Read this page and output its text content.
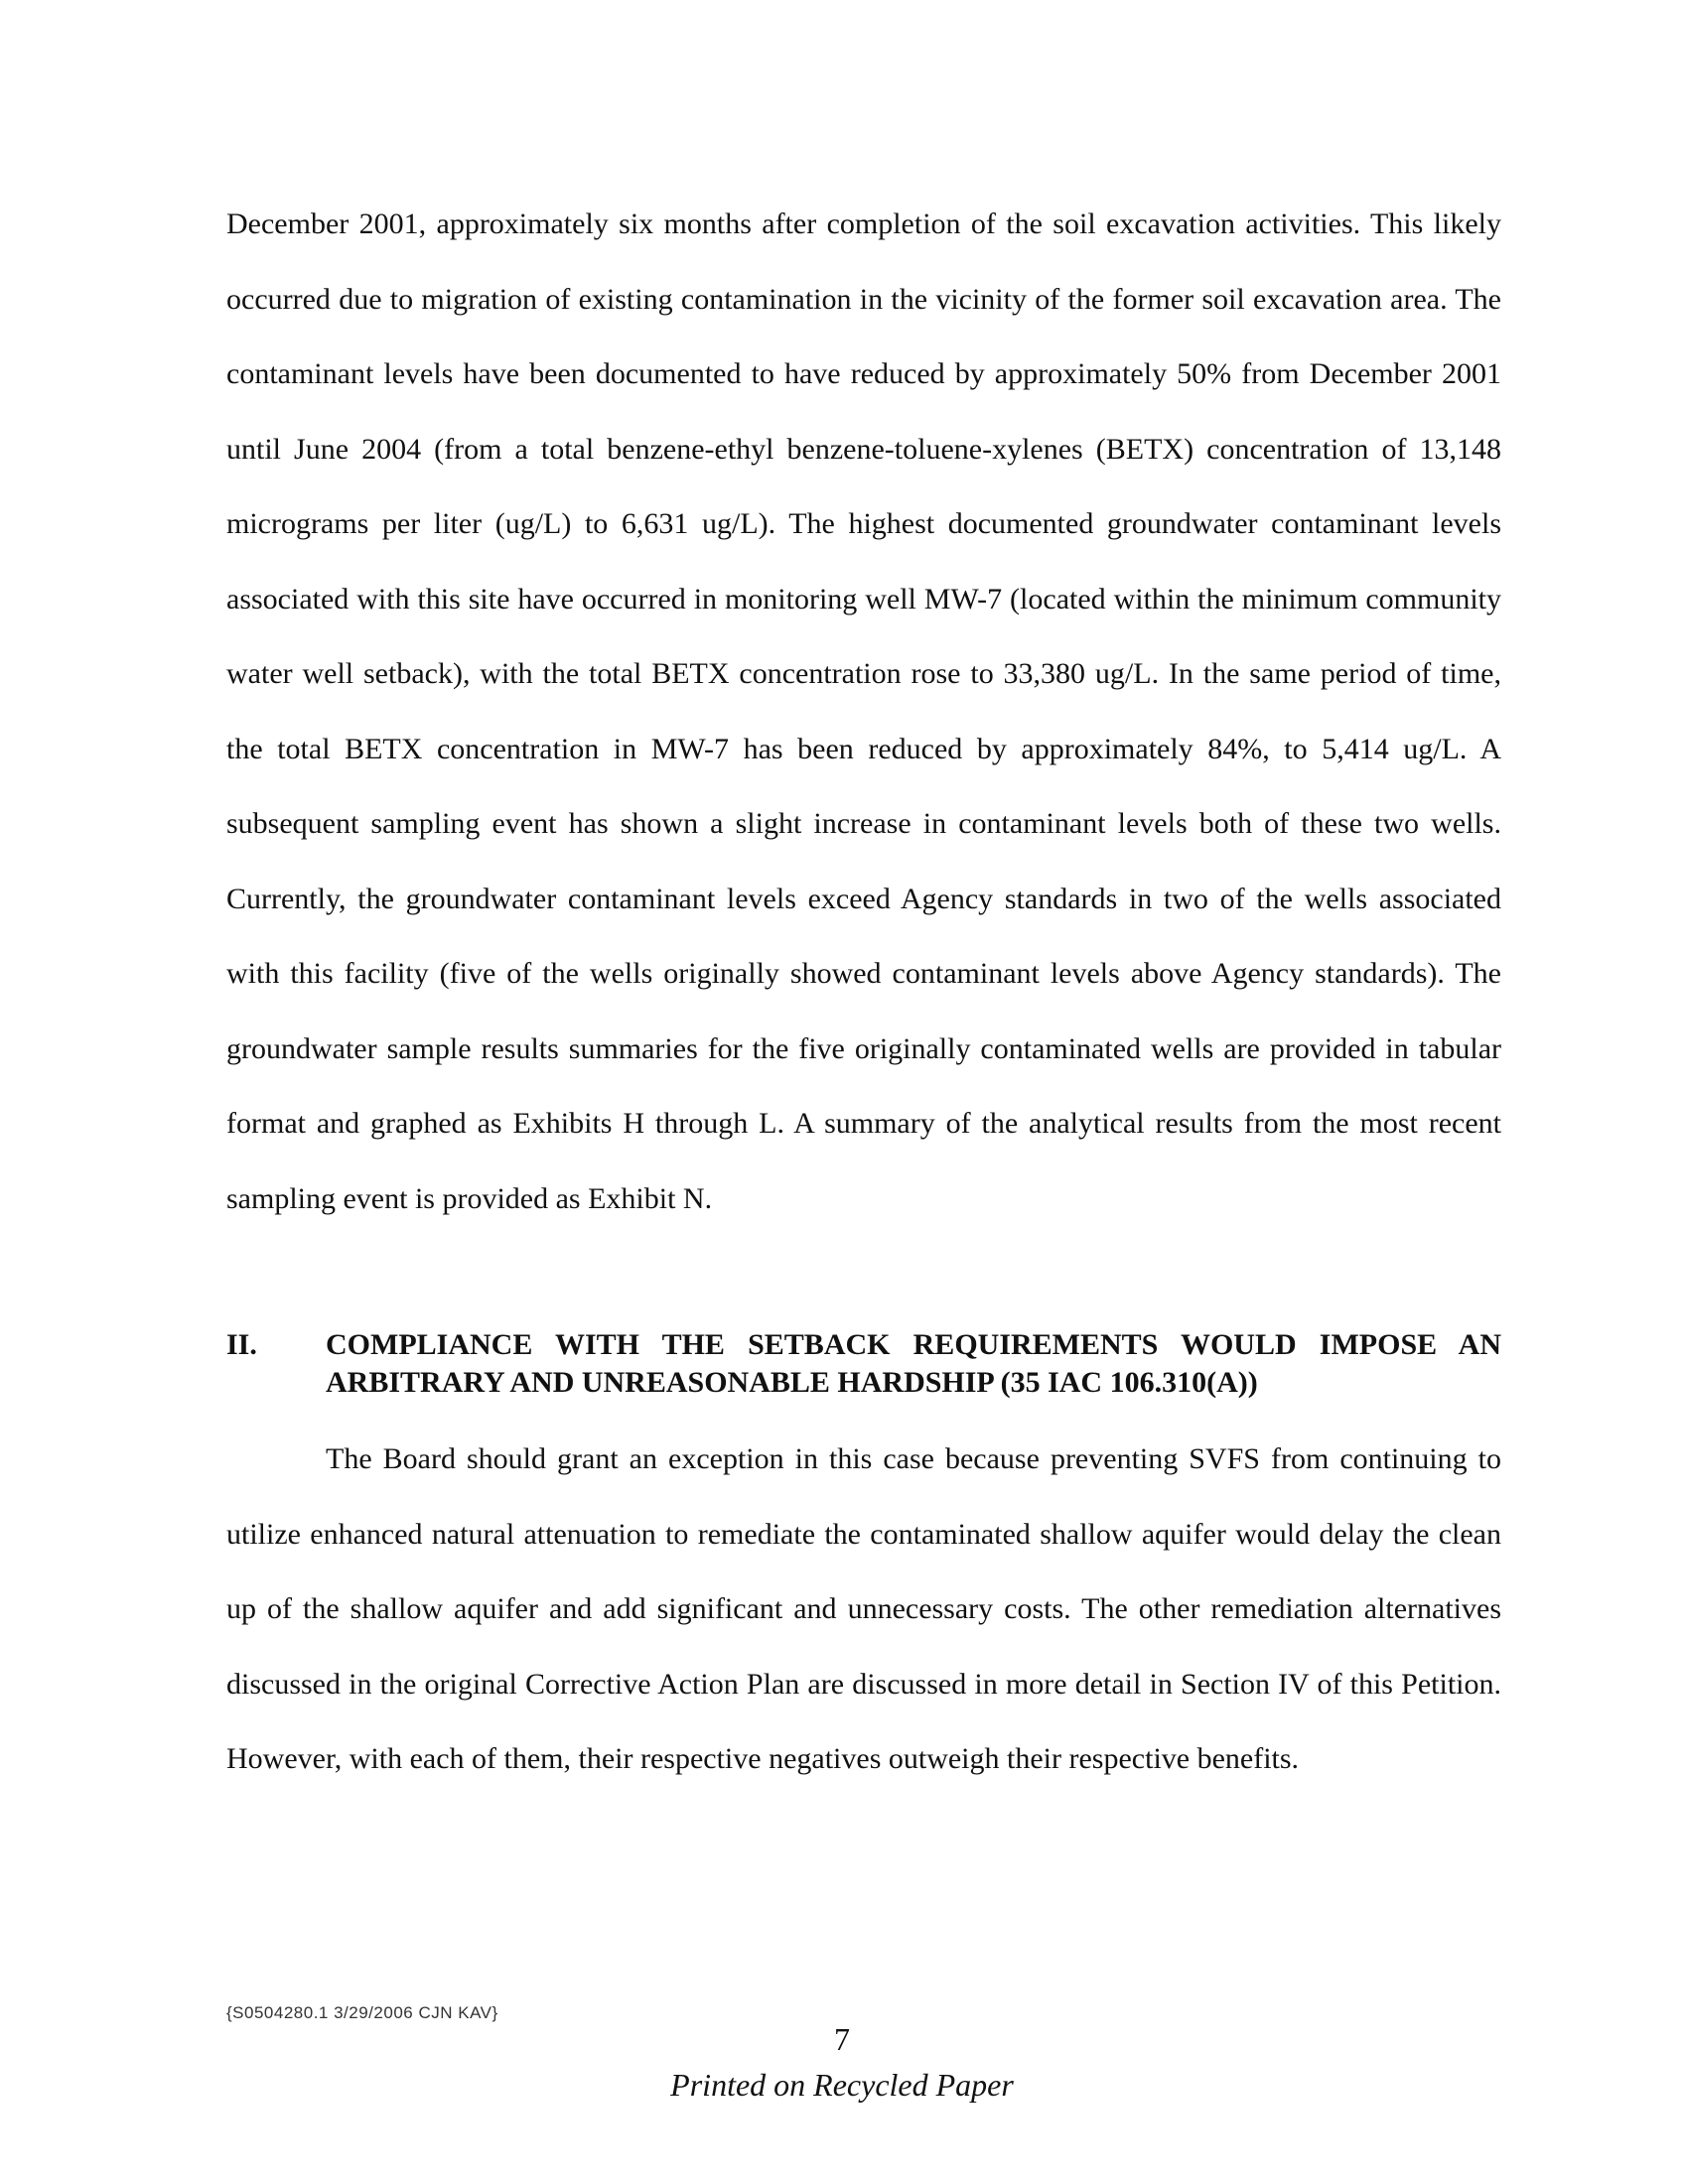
December 2001, approximately six months after completion of the soil excavation activities. This likely occurred due to migration of existing contamination in the vicinity of the former soil excavation area. The contaminant levels have been documented to have reduced by approximately 50% from December 2001 until June 2004 (from a total benzene-ethyl benzene-toluene-xylenes (BETX) concentration of 13,148 micrograms per liter (ug/L) to 6,631 ug/L). The highest documented groundwater contaminant levels associated with this site have occurred in monitoring well MW-7 (located within the minimum community water well setback), with the total BETX concentration rose to 33,380 ug/L. In the same period of time, the total BETX concentration in MW-7 has been reduced by approximately 84%, to 5,414 ug/L. A subsequent sampling event has shown a slight increase in contaminant levels both of these two wells. Currently, the groundwater contaminant levels exceed Agency standards in two of the wells associated with this facility (five of the wells originally showed contaminant levels above Agency standards). The groundwater sample results summaries for the five originally contaminated wells are provided in tabular format and graphed as Exhibits H through L. A summary of the analytical results from the most recent sampling event is provided as Exhibit N.

II.	COMPLIANCE WITH THE SETBACK REQUIREMENTS WOULD IMPOSE AN ARBITRARY AND UNREASONABLE HARDSHIP (35 IAC 106.310(A))

The Board should grant an exception in this case because preventing SVFS from continuing to utilize enhanced natural attenuation to remediate the contaminated shallow aquifer would delay the clean up of the shallow aquifer and add significant and unnecessary costs. The other remediation alternatives discussed in the original Corrective Action Plan are discussed in more detail in Section IV of this Petition. However, with each of them, their respective negatives outweigh their respective benefits.

{S0504280.1 3/29/2006 CJN KAV}
7
Printed on Recycled Paper
